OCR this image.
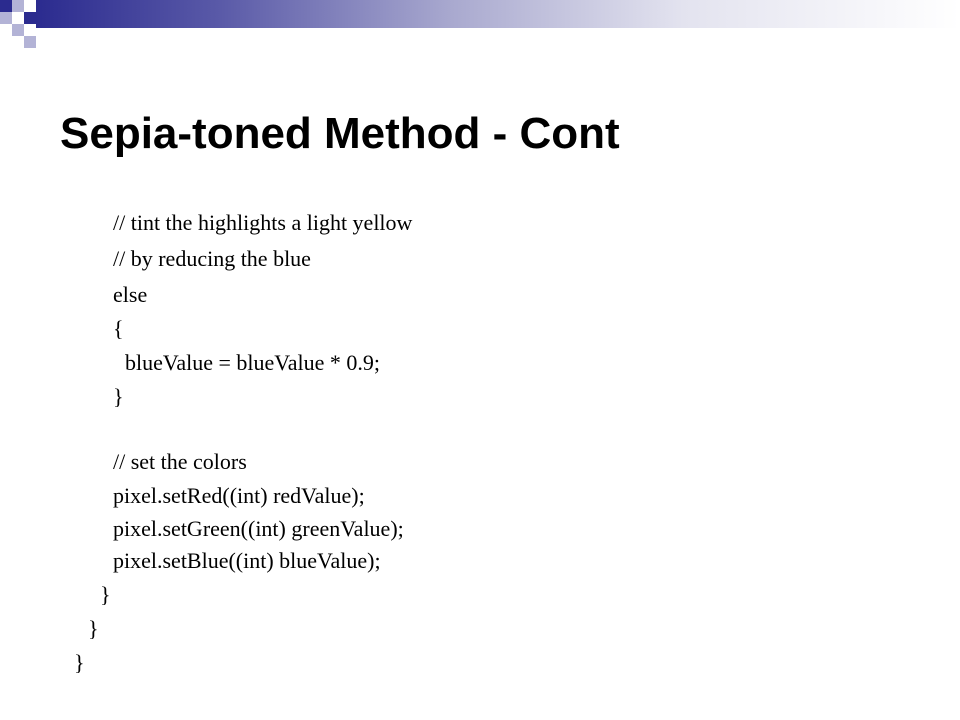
Sepia-toned Method - Cont
// tint the highlights a light yellow
// by reducing the blue
else
{
blueValue = blueValue * 0.9;
}
// set the colors
pixel.setRed((int) redValue);
pixel.setGreen((int) greenValue);
pixel.setBlue((int) blueValue);
}
}
}
